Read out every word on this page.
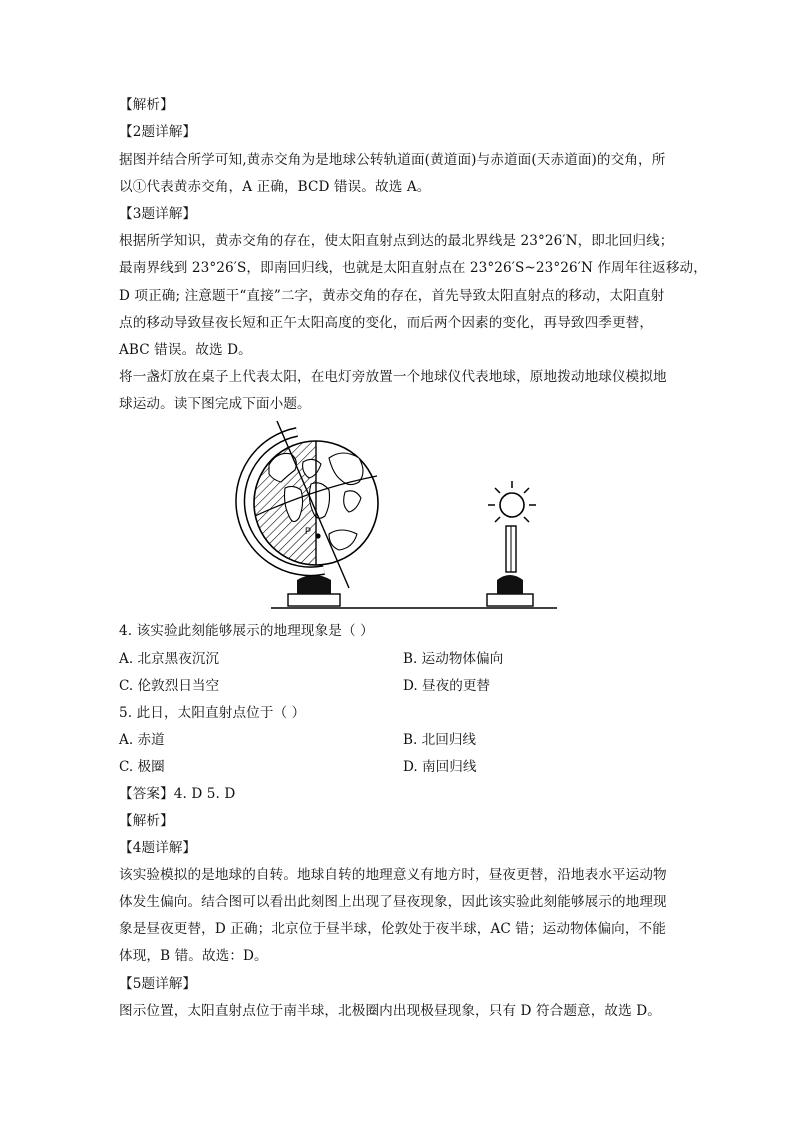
【解析】
【2题详解】
据图并结合所学可知,黄赤交角为是地球公转轨道面(黄道面)与赤道面(天赤道面)的交角，所
以①代表黄赤交角，A 正确，BCD 错误。故选 A。
【3题详解】
根据所学知识，黄赤交角的存在，使太阳直射点到达的最北界线是 23°26′N，即北回归线；
最南界线到 23°26′S，即南回归线，也就是太阳直射点在 23°26′S~23°26′N 作周年往返移动，
D 项正确; 注意题干“直接”二字，黄赤交角的存在，首先导致太阳直射点的移动，太阳直射
点的移动导致昼夜长短和正午太阳高度的变化，而后两个因素的变化，再导致四季更替，
ABC 错误。故选 D。
将一盏灯放在桌子上代表太阳，在电灯旁放置一个地球仪代表地球，原地拨动地球仪模拟地
球运动。读下图完成下面小题。
P
4. 该实验此刻能够展示的地理现象是（ ）
A. 北京黑夜沉沉	B. 运动物体偏向
C. 伦敦烈日当空	D. 昼夜的更替
5. 此日，太阳直射点位于（ ）
A. 赤道	B. 北回归线
C. 极圈	D. 南回归线
【答案】4. D 5. D
【解析】
【4题详解】
该实验模拟的是地球的自转。地球自转的地理意义有地方时，昼夜更替，沿地表水平运动物
体发生偏向。结合图可以看出此刻图上出现了昼夜现象，因此该实验此刻能够展示的地理现
象是昼夜更替，D 正确；北京位于昼半球，伦敦处于夜半球，AC 错；运动物体偏向，不能
体现，B 错。故选：D。
【5题详解】
图示位置，太阳直射点位于南半球，北极圈内出现极昼现象，只有 D 符合题意，故选 D。
